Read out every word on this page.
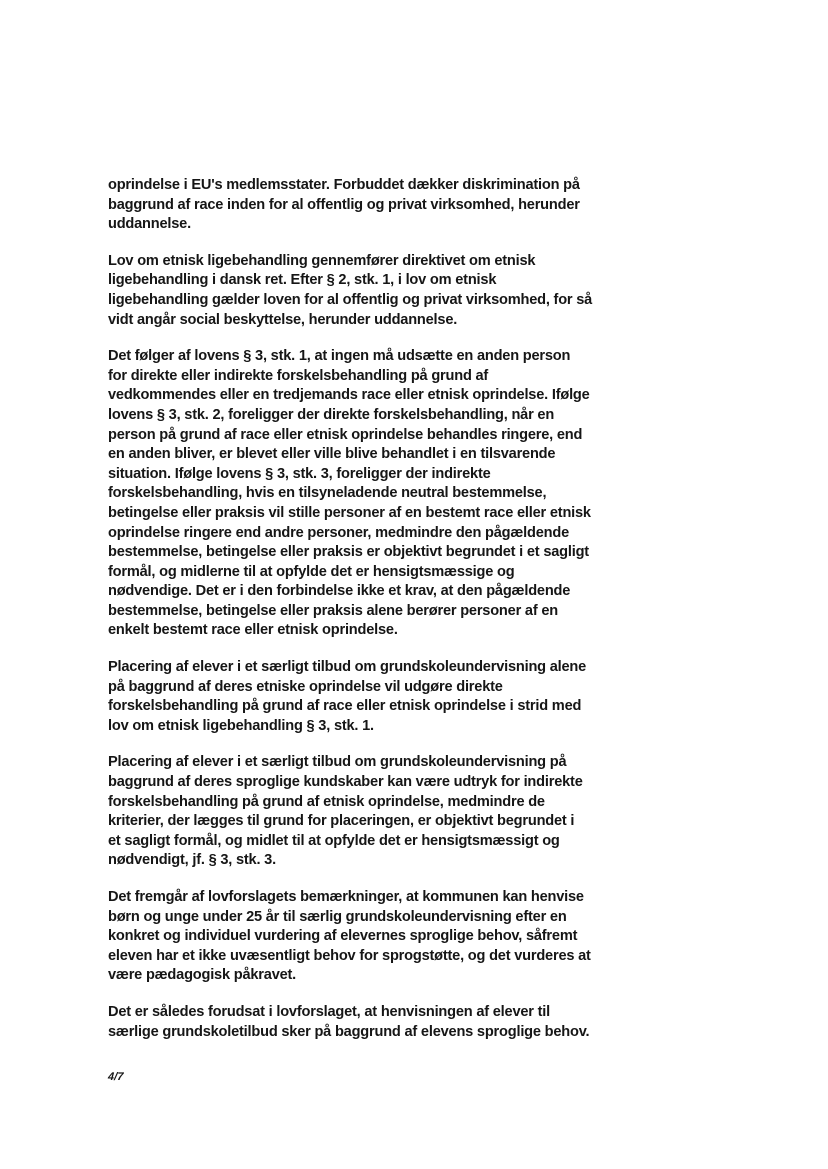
oprindelse i EU's medlemsstater. Forbuddet dækker diskrimination på
baggrund af race inden for al offentlig og privat virksomhed, herunder
uddannelse.
Lov om etnisk ligebehandling gennemfører direktivet om etnisk
ligebehandling i dansk ret. Efter § 2, stk. 1, i lov om etnisk
ligebehandling gælder loven for al offentlig og privat virksomhed, for så
vidt angår social beskyttelse, herunder uddannelse.
Det følger af lovens § 3, stk. 1, at ingen må udsætte en anden person
for direkte eller indirekte forskelsbehandling på grund af
vedkommendes eller en tredjemands race eller etnisk oprindelse. Ifølge
lovens § 3, stk. 2, foreligger der direkte forskelsbehandling, når en
person på grund af race eller etnisk oprindelse behandles ringere, end
en anden bliver, er blevet eller ville blive behandlet i en tilsvarende
situation. Ifølge lovens § 3, stk. 3, foreligger der indirekte
forskelsbehandling, hvis en tilsyneladende neutral bestemmelse,
betingelse eller praksis vil stille personer af en bestemt race eller etnisk
oprindelse ringere end andre personer, medmindre den pågældende
bestemmelse, betingelse eller praksis er objektivt begrundet i et sagligt
formål, og midlerne til at opfylde det er hensigtsmæssige og
nødvendige. Det er i den forbindelse ikke et krav, at den pågældende
bestemmelse, betingelse eller praksis alene berører personer af en
enkelt bestemt race eller etnisk oprindelse.
Placering af elever i et særligt tilbud om grundskoleundervisning alene
på baggrund af deres etniske oprindelse vil udgøre direkte
forskelsbehandling på grund af race eller etnisk oprindelse i strid med
lov om etnisk ligebehandling § 3, stk. 1.
Placering af elever i et særligt tilbud om grundskoleundervisning på
baggrund af deres sproglige kundskaber kan være udtryk for indirekte
forskelsbehandling på grund af etnisk oprindelse, medmindre de
kriterier, der lægges til grund for placeringen, er objektivt begrundet i
et sagligt formål, og midlet til at opfylde det er hensigtsmæssigt og
nødvendigt, jf. § 3, stk. 3.
Det fremgår af lovforslagets bemærkninger, at kommunen kan henvise
børn og unge under 25 år til særlig grundskoleundervisning efter en
konkret og individuel vurdering af elevernes sproglige behov, såfremt
eleven har et ikke uvæsentligt behov for sprogstøtte, og det vurderes at
være pædagogisk påkravet.
Det er således forudsat i lovforslaget, at henvisningen af elever til
særlige grundskoletilbud sker på baggrund af elevens sproglige behov.
4/7
